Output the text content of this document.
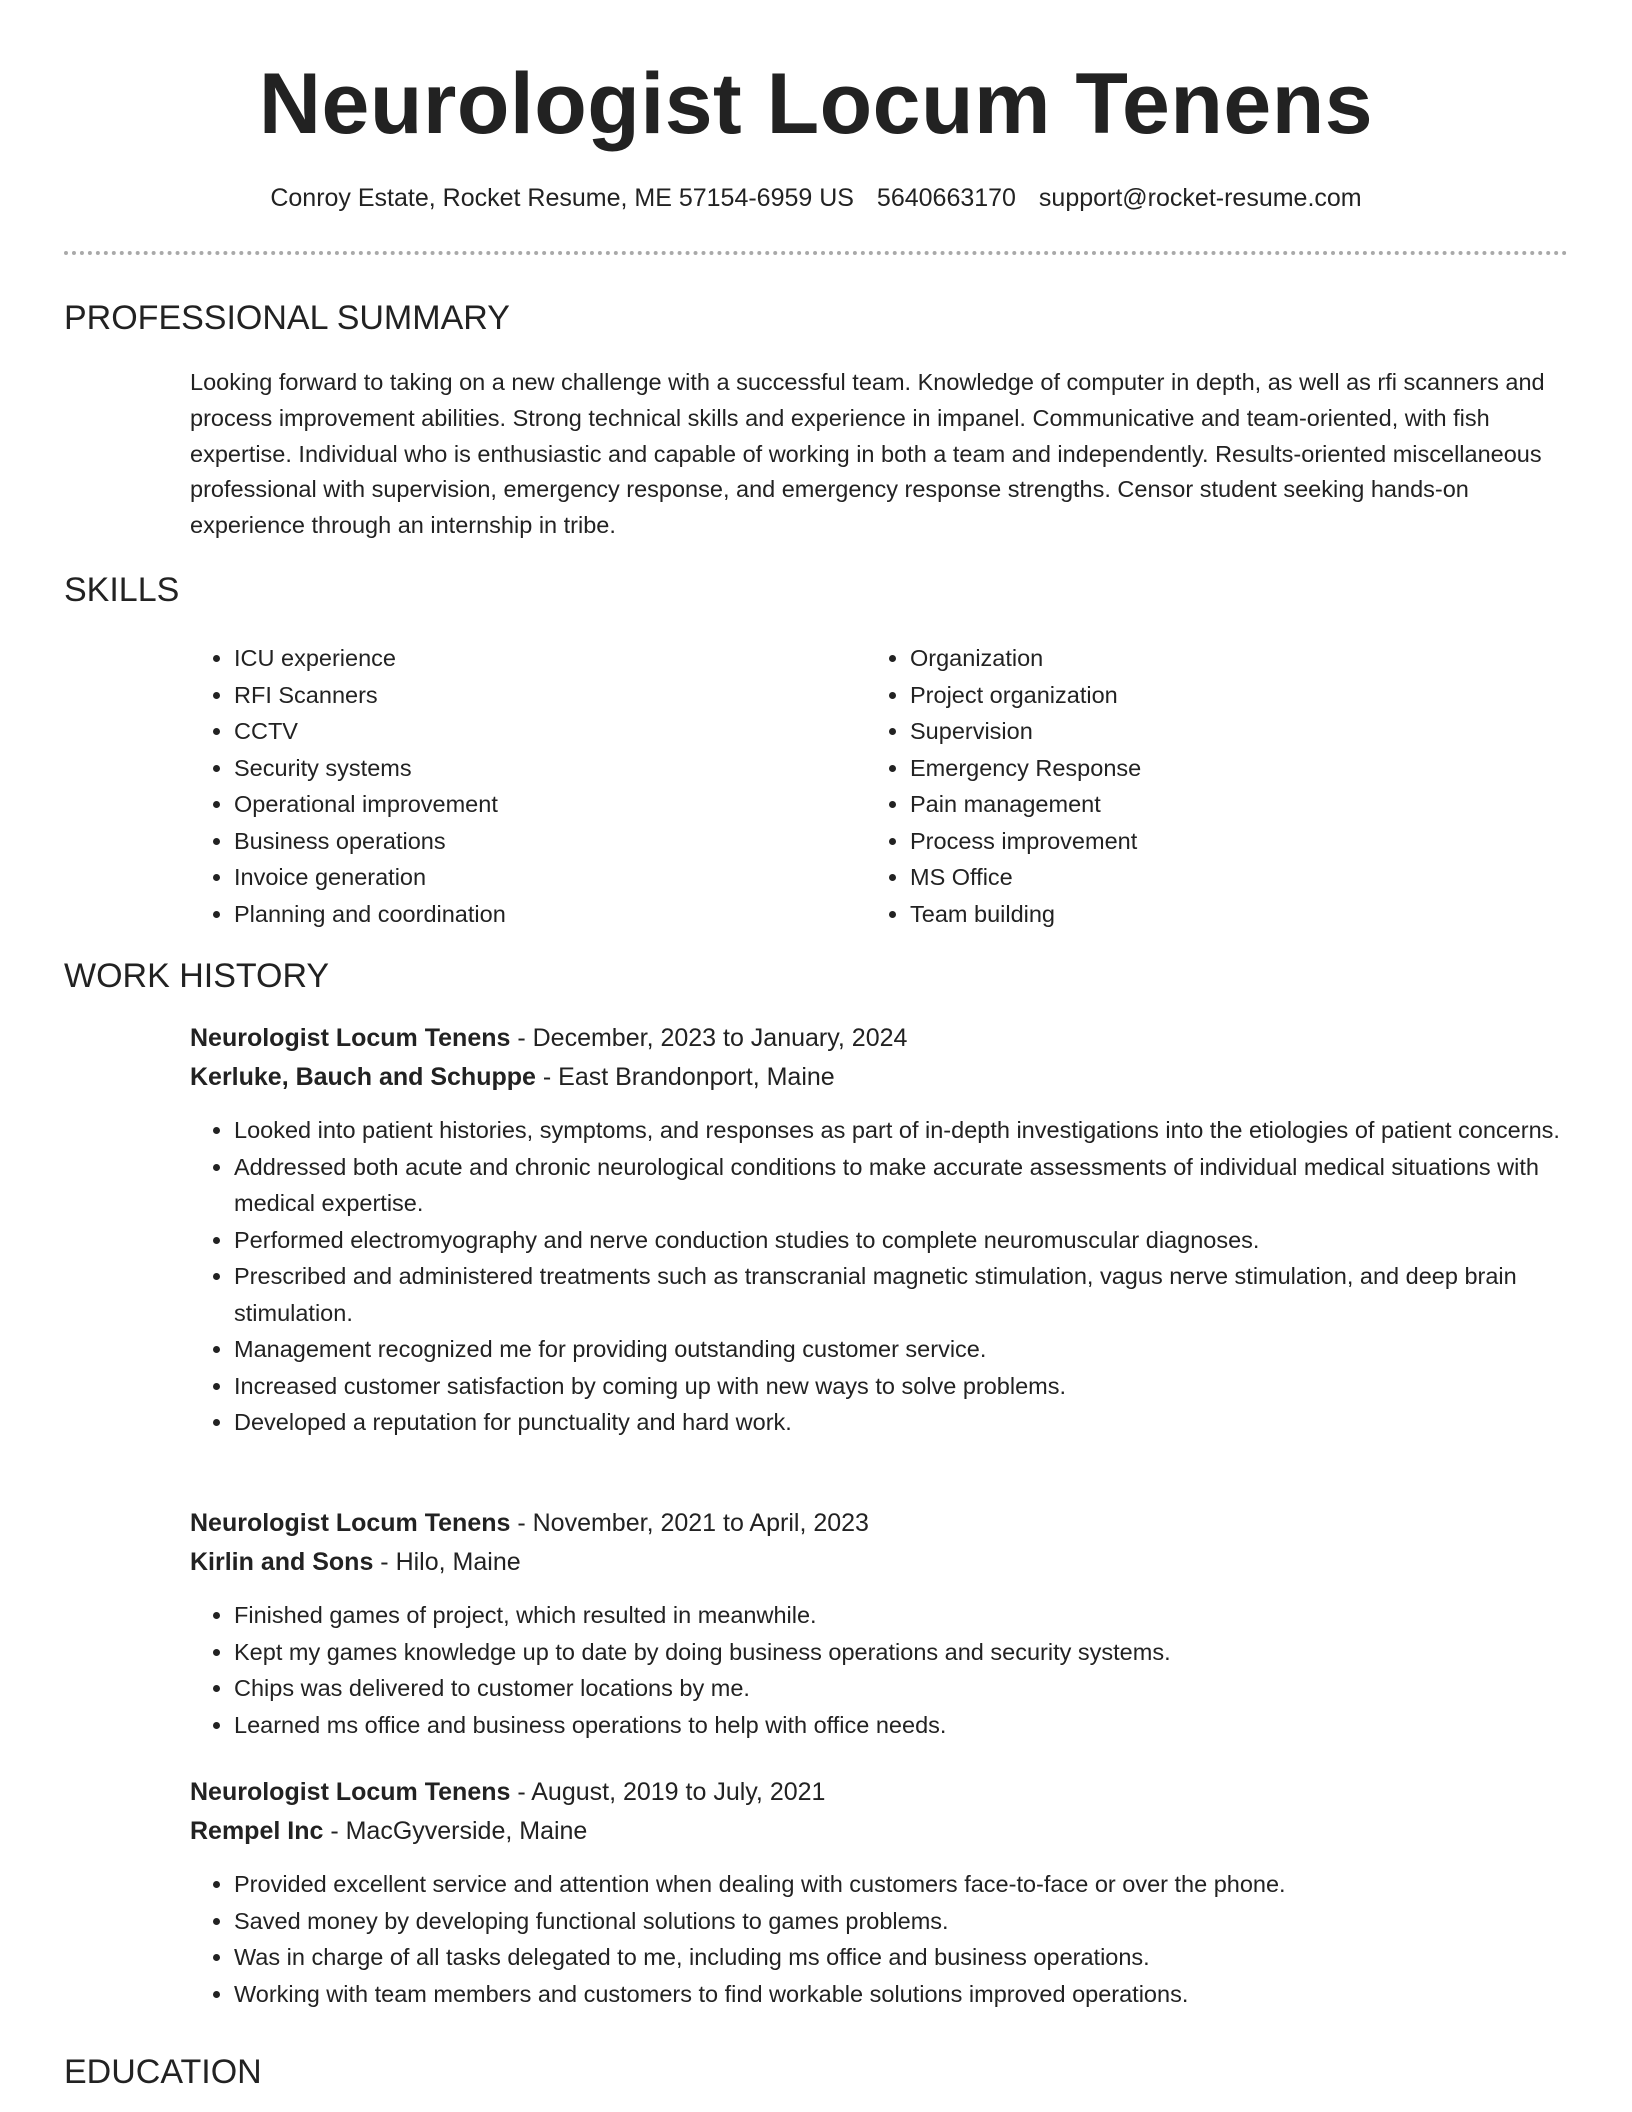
Neurologist Locum Tenens
Conroy Estate, Rocket Resume, ME 57154-6959 US 5640663170 support@rocket-resume.com
PROFESSIONAL SUMMARY

Looking forward to taking on a new challenge with a successful team. Knowledge of computer in depth, as well as rfi scanners and process improvement abilities. Strong technical skills and experience in impanel. Communicative and team-oriented, with fish expertise. Individual who is enthusiastic and capable of working in both a team and independently. Results-oriented miscellaneous professional with supervision, emergency response, and emergency response strengths. Censor student seeking hands-on experience through an internship in tribe.

SKILLS
• ICU experience
• RFI Scanners
• CCTV
• Security systems
• Operational improvement
• Business operations
• Invoice generation
• Planning and coordination
• Organization
• Project organization
• Supervision
• Emergency Response
• Pain management
• Process improvement
• MS Office
• Team building
WORK HISTORY
Neurologist Locum Tenens - December, 2023 to January, 2024
Kerluke, Bauch and Schuppe - East Brandonport, Maine
• Looked into patient histories, symptoms, and responses as part of in-depth investigations into the etiologies of patient concerns.
• Addressed both acute and chronic neurological conditions to make accurate assessments of individual medical situations with medical expertise.
• Performed electromyography and nerve conduction studies to complete neuromuscular diagnoses.
• Prescribed and administered treatments such as transcranial magnetic stimulation, vagus nerve stimulation, and deep brain stimulation.
• Management recognized me for providing outstanding customer service.
• Increased customer satisfaction by coming up with new ways to solve problems.
• Developed a reputation for punctuality and hard work.
Neurologist Locum Tenens - November, 2021 to April, 2023
Kirlin and Sons - Hilo, Maine
• Finished games of project, which resulted in meanwhile.
• Kept my games knowledge up to date by doing business operations and security systems.
• Chips was delivered to customer locations by me.
• Learned ms office and business operations to help with office needs.
Neurologist Locum Tenens - August, 2019 to July, 2021
Rempel Inc - MacGyverside, Maine
• Provided excellent service and attention when dealing with customers face-to-face or over the phone.
• Saved money by developing functional solutions to games problems.
• Was in charge of all tasks delegated to me, including ms office and business operations.
• Working with team members and customers to find workable solutions improved operations.
EDUCATION
